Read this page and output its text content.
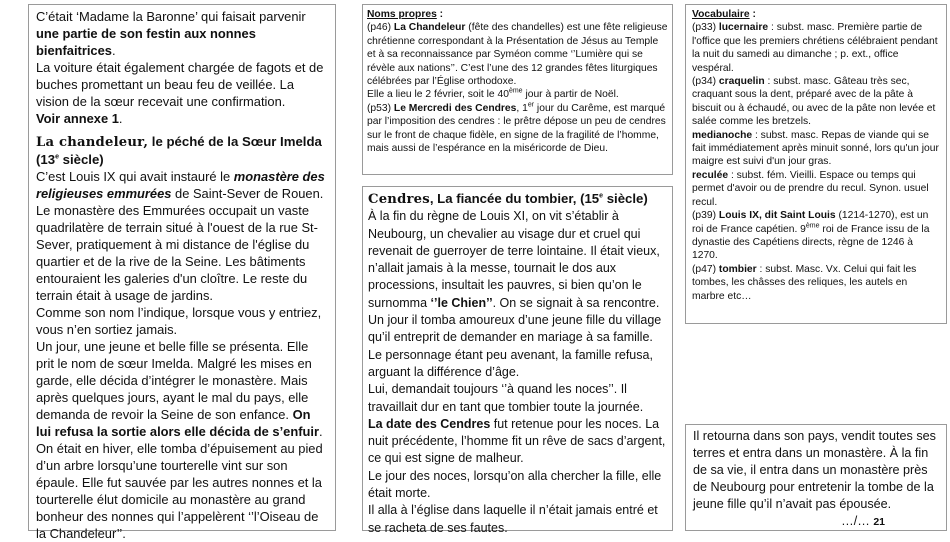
C’était ‘Madame la Baronne’ qui faisait parvenir une partie de son festin aux nonnes bienfaitrices.

La voiture était également chargée de fagots et de buches promettant un beau feu de veillée. La vision de la sœur recevait une confirmation.

Voir annexe 1.

La chandeleur, le péché de la Sœur Imelda (13e siècle)

C’est Louis IX qui avait instauré le monastère des religieuses emmurées de Saint-Sever de Rouen.

Le monastère des Emmurées occupait un vaste quadrilatère de terrain situé à l'ouest de la rue St-Sever, pratiquement à mi distance de l'église du quartier et de la rive de la Seine. Les bâtiments entouraient les galeries d'un cloître. Le reste du terrain était à usage de jardins.

Comme son nom l’indique, lorsque vous y entriez, vous n’en sortiez jamais.

Un jour, une jeune et belle fille se présenta. Elle prit le nom de sœur Imelda. Malgré les mises en garde, elle décida d’intégrer le monastère. Mais après quelques jours, ayant le mal du pays, elle demanda de revoir la Seine de son enfance. On lui refusa la sortie alors elle décida de s’enfuir.

On était en hiver, elle tomba d’épuisement au pied d’un arbre lorsqu’une tourterelle vint sur son épaule. Elle fut sauvée par les autres nonnes et la tourterelle élut domicile au monastère au grand bonheur des nonnes qui l’appelèrent ‘’l’Oiseau de la Chandeleur’’.

Noms propres :

(p46) La Chandeleur (fête des chandelles) est une fête religieuse chrétienne correspondant à la Présentation de Jésus au Temple et à sa reconnaissance par Syméon comme ‘’Lumière qui se révèle aux nations’’. C’est l’une des 12 grandes fêtes liturgiques célébrées par l’Église orthodoxe.

Elle a lieu le 2 février, soit le 40ème jour à partir de Noël.

(p53) Le Mercredi des Cendres, 1er jour du Carême, est marqué par l’imposition des cendres : le prêtre dépose un peu de cendres sur le front de chaque fidèle, en signe de la fragilité de l’homme, mais aussi de l’espérance en la miséricorde de Dieu.

Cendres, La fiancée du tombier, (15e siècle)

À la fin du règne de Louis XI, on vit s’établir à Neubourg, un chevalier au visage dur et cruel qui revenait de guerroyer de terre lointaine. Il était vieux, n’allait jamais à la messe, tournait le dos aux processions, insultait les pauvres, si bien qu’on le surnomma ‘’le Chien’’. On se signait à sa rencontre.

Un jour il tomba amoureux d’une jeune fille du village qu’il entreprit de demander en mariage à sa famille.

Le personnage étant peu avenant, la famille refusa, arguant la différence d’âge.

Lui, demandait toujours ‘’à quand les noces’’. Il travaillait dur en tant que tombier toute la journée.

La date des Cendres fut retenue pour les noces. La nuit précédente, l’homme fit un rêve de sacs d’argent, ce qui est signe de malheur.

Le jour des noces, lorsqu’on alla chercher la fille, elle était morte.

Il alla à l’église dans laquelle il n’était jamais entré et se racheta de ses fautes.

Vocabulaire :

(p33) lucernaire : subst. masc. Première partie de l'office que les premiers chrétiens célébraient pendant la nuit du samedi au dimanche ; p. ext., office vespéral.

(p34) craquelin : subst. masc. Gâteau très sec, craquant sous la dent, préparé avec de la pâte à biscuit ou à échaudé, ou avec de la pâte non levée et salée comme les bretzels.

medianoche : subst. masc. Repas de viande qui se fait immédiatement après minuit sonné, lors qu'un jour maigre est suivi d'un jour gras.

reculée : subst. fém. Vieilli. Espace ou temps qui permet d'avoir ou de prendre du recul. Synon. usuel recul.

(p39) Louis IX, dit Saint Louis (1214-1270), est un roi de France capétien. 9ème roi de France issu de la dynastie des Capétiens directs, règne de 1246 à 1270.

(p47) tombier : subst. Masc. Vx. Celui qui fait les tombes, les châsses des reliques, les autels en marbre etc…

Il retourna dans son pays, vendit toutes ses terres et entra dans un monastère. À la fin de sa vie, il entra dans un monastère près de Neubourg pour entretenir la tombe de la jeune fille qu’il n’avait pas épousée.

…/… 21
